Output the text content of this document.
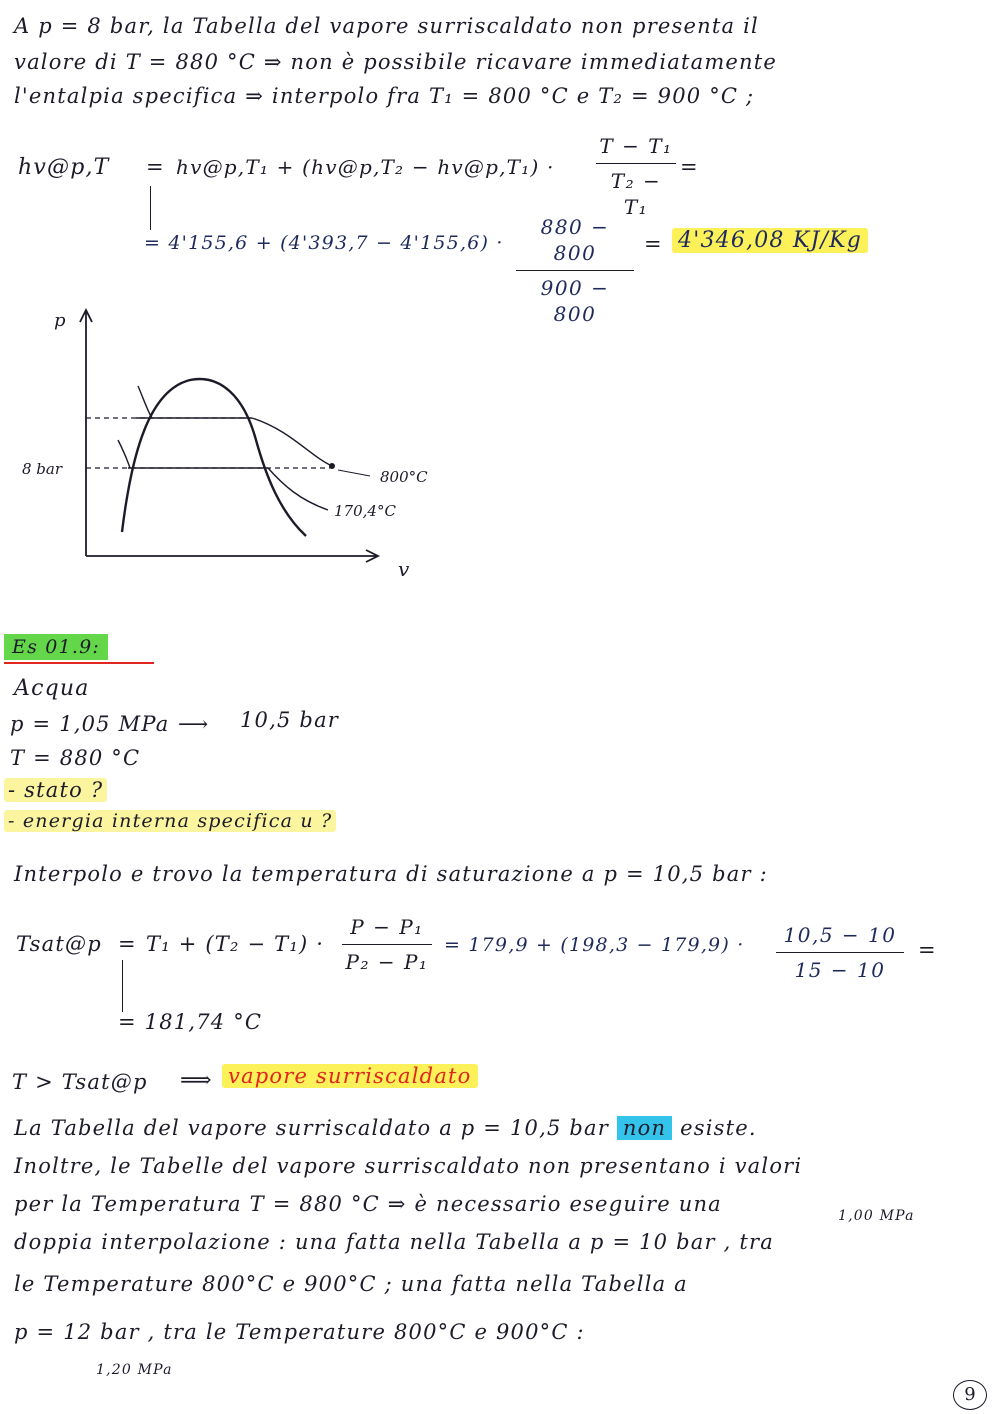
A p = 8 bar, la Tabella del vapore surriscaldato non presenta il
valore di T = 880 °C ⇒ non è possibile ricavare immediatamente
l'entalpia specifica ⇒ interpolo fra T₁ = 800 °C e T₂ = 900 °C ;
hv@p,T = hv@p,T₁ + (hv@p,T₂ − hv@p,T₁) ·
T − T₁
T₂ − T₁
=
= 4'155,6 + (4'393,7 − 4'155,6) ·
880 − 800
900 − 800
= 4'346,08 KJ/Kg
p
v
8 bar	800°C
170,4°C
Es 01.9:
Acqua
p = 1,05 MPa ⟶ 10,5 bar
T = 880 °C
- stato ?
- energia interna specifica u ?
Interpolo e trovo la temperatura di saturazione a p = 10,5 bar :
Tsat@p = T₁ + (T₂ − T₁) ·
P − P₁
P₂ − P₁
= 179,9 + (198,3 − 179,9) ·	10,5 − 10
15 − 10
=
= 181,74 °C
T > Tsat@p ⟹ vapore surriscaldato
La Tabella del vapore surriscaldato a p = 10,5 bar non esiste.
Inoltre, le Tabelle del vapore surriscaldato non presentano i valori
per la Temperatura T = 880 °C ⇒ è necessario eseguire una	1,00 MPa
doppia interpolazione : una fatta nella Tabella a p = 10 bar , tra
le Temperature 800°C e 900°C ; una fatta nella Tabella a
p = 12 bar , tra le Temperature 800°C e 900°C :
1,20 MPa
9
